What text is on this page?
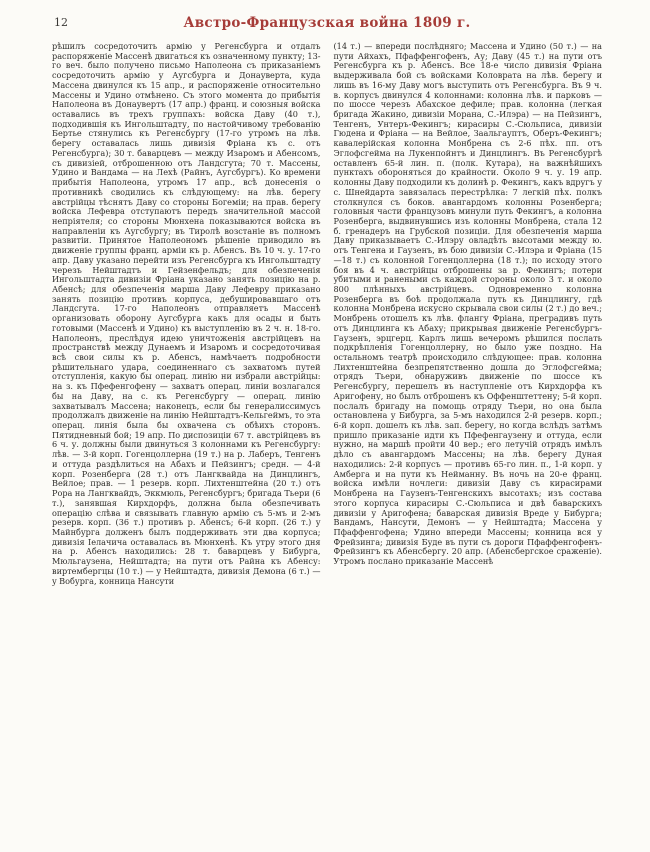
12	Австро-Французская война 1809 г.
рѣшилъ сосредоточить армію у Регенсбурга и отдалъ распоряженіе Массенѣ двигаться къ означенному пункту; 13-го веч. было получено письмо Наполеона съ приказаніемъ сосредоточить армію у Аугсбурга и Донауверта, куда Массена двинулся къ 15 апр., и распоряженіе относительно Массены и Удино отмѣнено. Съ этого момента до прибытія Наполеона въ Донаувертъ (17 апр.) франц. и союзныя войска оставались въ трехъ группахъ: войска Даву (40 т.), подходившія къ Ингольштадту, по настойчивому требованію Бертье стянулись къ Регенсбургу (17-го утромъ на лѣв. берегу оставалась лишь дивизія Фріана къ с. отъ Регенсбурга); 30 т. баварцевъ — между Изаромъ и Абенсомъ, съ дивизіей, отброшенною отъ Ландсгута; 70 т. Массены, Удино и Вандама — на Лехѣ (Райнъ, Аугсбургъ). Ко времени прибытія Наполеона, утромъ 17 апр., всѣ донесенія о противникѣ сводились къ слѣдующему: на лѣв. берегу австрійцы тѣснятъ Даву со стороны Богеміи; на прав. берегу войска Лефевра отступаютъ передъ значительной массой непріятеля; со стороны Мюнхена показываются войска въ направленіи къ Аугсбургу; въ Тиролѣ возстаніе въ полномъ развитіи. Принятое Наполеономъ рѣшеніе приводило въ движеніе группы франц. арміи къ р. Абенсъ. Въ 10 ч. у. 17-го апр. Даву указано перейти изъ Регенсбурга къ Ингольштадту черезъ Нейштадтъ и Гейзенфельдъ; для обезпеченія Ингольштадта дивизіи Фріана указано занять позицію на р. Абенсѣ; для обезпеченія марша Даву Лефевру приказано занять позицію противъ корпуса, дебушировавшаго отъ Ландсгута. 17-го Наполеонъ отправляетъ Массенѣ организовать оборону Аугсбурга какъ для осады и быть готовыми (Массенѣ и Удино) къ выступленію въ 2 ч. н. 18-го. Наполеонъ, преслѣдуя идею уничтоженія австрійцевъ на пространствѣ между Дунаемъ и Изаромъ и сосредоточивая всѣ свои силы къ р. Абенсъ, намѣчаетъ подробности рѣшительнаго удара, соединеннаго съ захватомъ путей отступленія, какую бы операц. линію ни избрали австрійцы: на з. къ Пфефенгофену — захватъ операц. линіи возлагался бы на Даву, на с. къ Регенсбургу — операц. линію захватывалъ Массена; наконецъ, если бы генералиссимусъ продолжалъ движеніе на линію Нейштадтъ-Кельгеймъ, то эта операц. линія была бы охвачена съ обѣихъ сторонъ. Пятидневный бой; 19 апр. По диспозиціи 67 т. австрійцевъ въ 6 ч. у. должны были двинуться 3 колоннами къ Регенсбургу: лѣв. — 3-й корп. Гогенцоллерна (19 т.) на р. Лаберъ, Тенгенъ и оттуда раздѣлиться на Абахъ и Пейзингъ; средн. — 4-й корп. Розенберга (28 т.) отъ Лангквайда на Динцлингъ, Вейлое; прав. — 1 резерв. корп. Лихтенштейна (20 т.) отъ Рора на Лангквайдъ, Эккмюль, Регенсбургъ; бригада Тьери (6 т.), занявшая Кирхдорфъ, должна была обезпечивать операцію слѣва и связывать главную армію съ 5-мъ и 2-мъ резерв. корп. (36 т.) противъ р. Абенсъ; 6-й корп. (26 т.) у Майнбурга долженъ былъ поддерживать эти два корпуса; дивизія Іелачича оставалась въ Мюнхенѣ. Къ утру этого дня на р. Абенсъ находились: 28 т. баварцевъ у Бибурга, Мюльгаузена, Нейштадта; на пути отъ Райна къ Абенсу: виртембергцы (10 т.) — у Нейштадта, дивизія Демона (6 т.) — у Вобурга, конница Нансути
(14 т.) — впереди послѣдняго; Массена и Удино (50 т.) — на пути Айхахъ, Пфаффенгофенъ, Ау; Даву (45 т.) на пути отъ Регенсбурга къ р. Абенсъ. Все 18-е число дивизія Фріана выдерживала бой съ войсками Коловрата на лѣв. берегу и лишь въ 16-му Даву могъ выступить отъ Регенсбурга. Въ 9 ч. в. корпусъ двинулся 4 колоннами: колонна лѣв. и парковъ — по шоссе черезъ Абахское дефиле; прав. колонна (легкая бригада Жакино, дивизіи Морана, С.-Илэра) — на Пейзингъ, Тенгенъ, Унтеръ-Фекингъ; кирасиры С.-Сюльписа, дивизіи Гюдена и Фріана — на Вейлое, Заальгауптъ, Оберъ-Фекингъ; кавалерійская колонна Монбрена съ 2-6 пѣх. пп. отъ Эглофсгейма на Лукенпойнтъ и Динцлингъ. Въ Регенсбургѣ оставленъ 65-й лин. п. (полк. Кутара), на важнѣйшихъ пунктахъ обороняться до крайности. Около 9 ч. у. 19 апр. колонны Даву подходили къ долинѣ р. Фекингъ, какъ вдругъ у с. Шнейдарта завязалась перестрѣлка: 7 легкій пѣх. полкъ столкнулся съ боков. авангардомъ колонны Розенберга; головныя части французовъ минули путь Фекингъ, а колонна Розенберга, выдвинувшись изъ колонны Монбрена, стала 12 б. гренадеръ на Грубской позиціи. Для обезпеченія марша Даву приказываетъ С.-Илэру овладѣть высотами между ю. отъ Тенгена и Гаузенъ, въ бою дивизіи С.-Илэра и Фріана (15—18 т.) съ колонной Гогенцоллерна (18 т.); по исходу этого боя въ 4 ч. австрійцы отброшены за р. Фекингъ; потери убитыми и ранеными съ каждой стороны около 3 т. и около 800 плѣнныхъ австрійцевъ. Одновременно колонна Розенберга въ боѣ продолжала путь къ Динцлингу, гдѣ колонна Монбрена искусно скрывала свои силы (2 т.) до веч.; Монбрень отошелъ къ лѣв. флангу Фріана, преградивъ путь отъ Динцлинга къ Абаху; прикрывая движеніе Регенсбургъ-Гаузенъ, эрцгерц. Карлъ лишь вечеромъ рѣшился послать подкрѣпленія Гогенцоллерну, но было уже поздно. На остальномъ театрѣ происходило слѣдующее: прав. колонна Лихтенштейна безпрепятственно дошла до Эглофсгейма; отрядъ Тьери, обнаруживъ движеніе по шоссе къ Регенсбургу, перешелъ въ наступленіе отъ Кирхдорфа къ Аригофену, но былъ отброшенъ къ Оффенштеттену; 5-й корп. послалъ бригаду на помощь отряду Тьери, но она была остановлена у Бибурга, за 5-мъ находился 2-й резерв. корп.; 6-й корп. дошелъ къ лѣв. зап. берегу, но когда вслѣдъ затѣмъ пришло приказаніе идти къ Пфефенгаузену и оттуда, если нужно, на маршѣ пройти 40 вер.; его летучій отрядъ имѣлъ дѣло съ авангардомъ Массены; на лѣв. берегу Дуная находились: 2-й корпусъ — противъ 65-го лин. п., 1-й корп. у Амберга и на пути къ Нейманну. Въ ночь на 20-е франц. войска имѣли ночлеги: дивизіи Даву съ кирасирами Монбрена на Гаузенъ-Тенгенскихъ высотахъ; изъ состава этого корпуса кирасиры С.-Сюльписа и двѣ баварскихъ дивизіи у Аригофена; баварская дивизія Вреде у Бибурга; Вандамъ, Нансути, Демонъ — у Нейштадта; Массена у Пфаффенгофена; Удино впереди Массены; конница вся у Фрейзинга; дивизія Буде въ пути съ дороги Пфаффенгофенъ-Фрейзингъ къ Абенсбергу. 20 апр. (Абенсбергское сраженіе). Утромъ послано приказаніе Массенѣ
